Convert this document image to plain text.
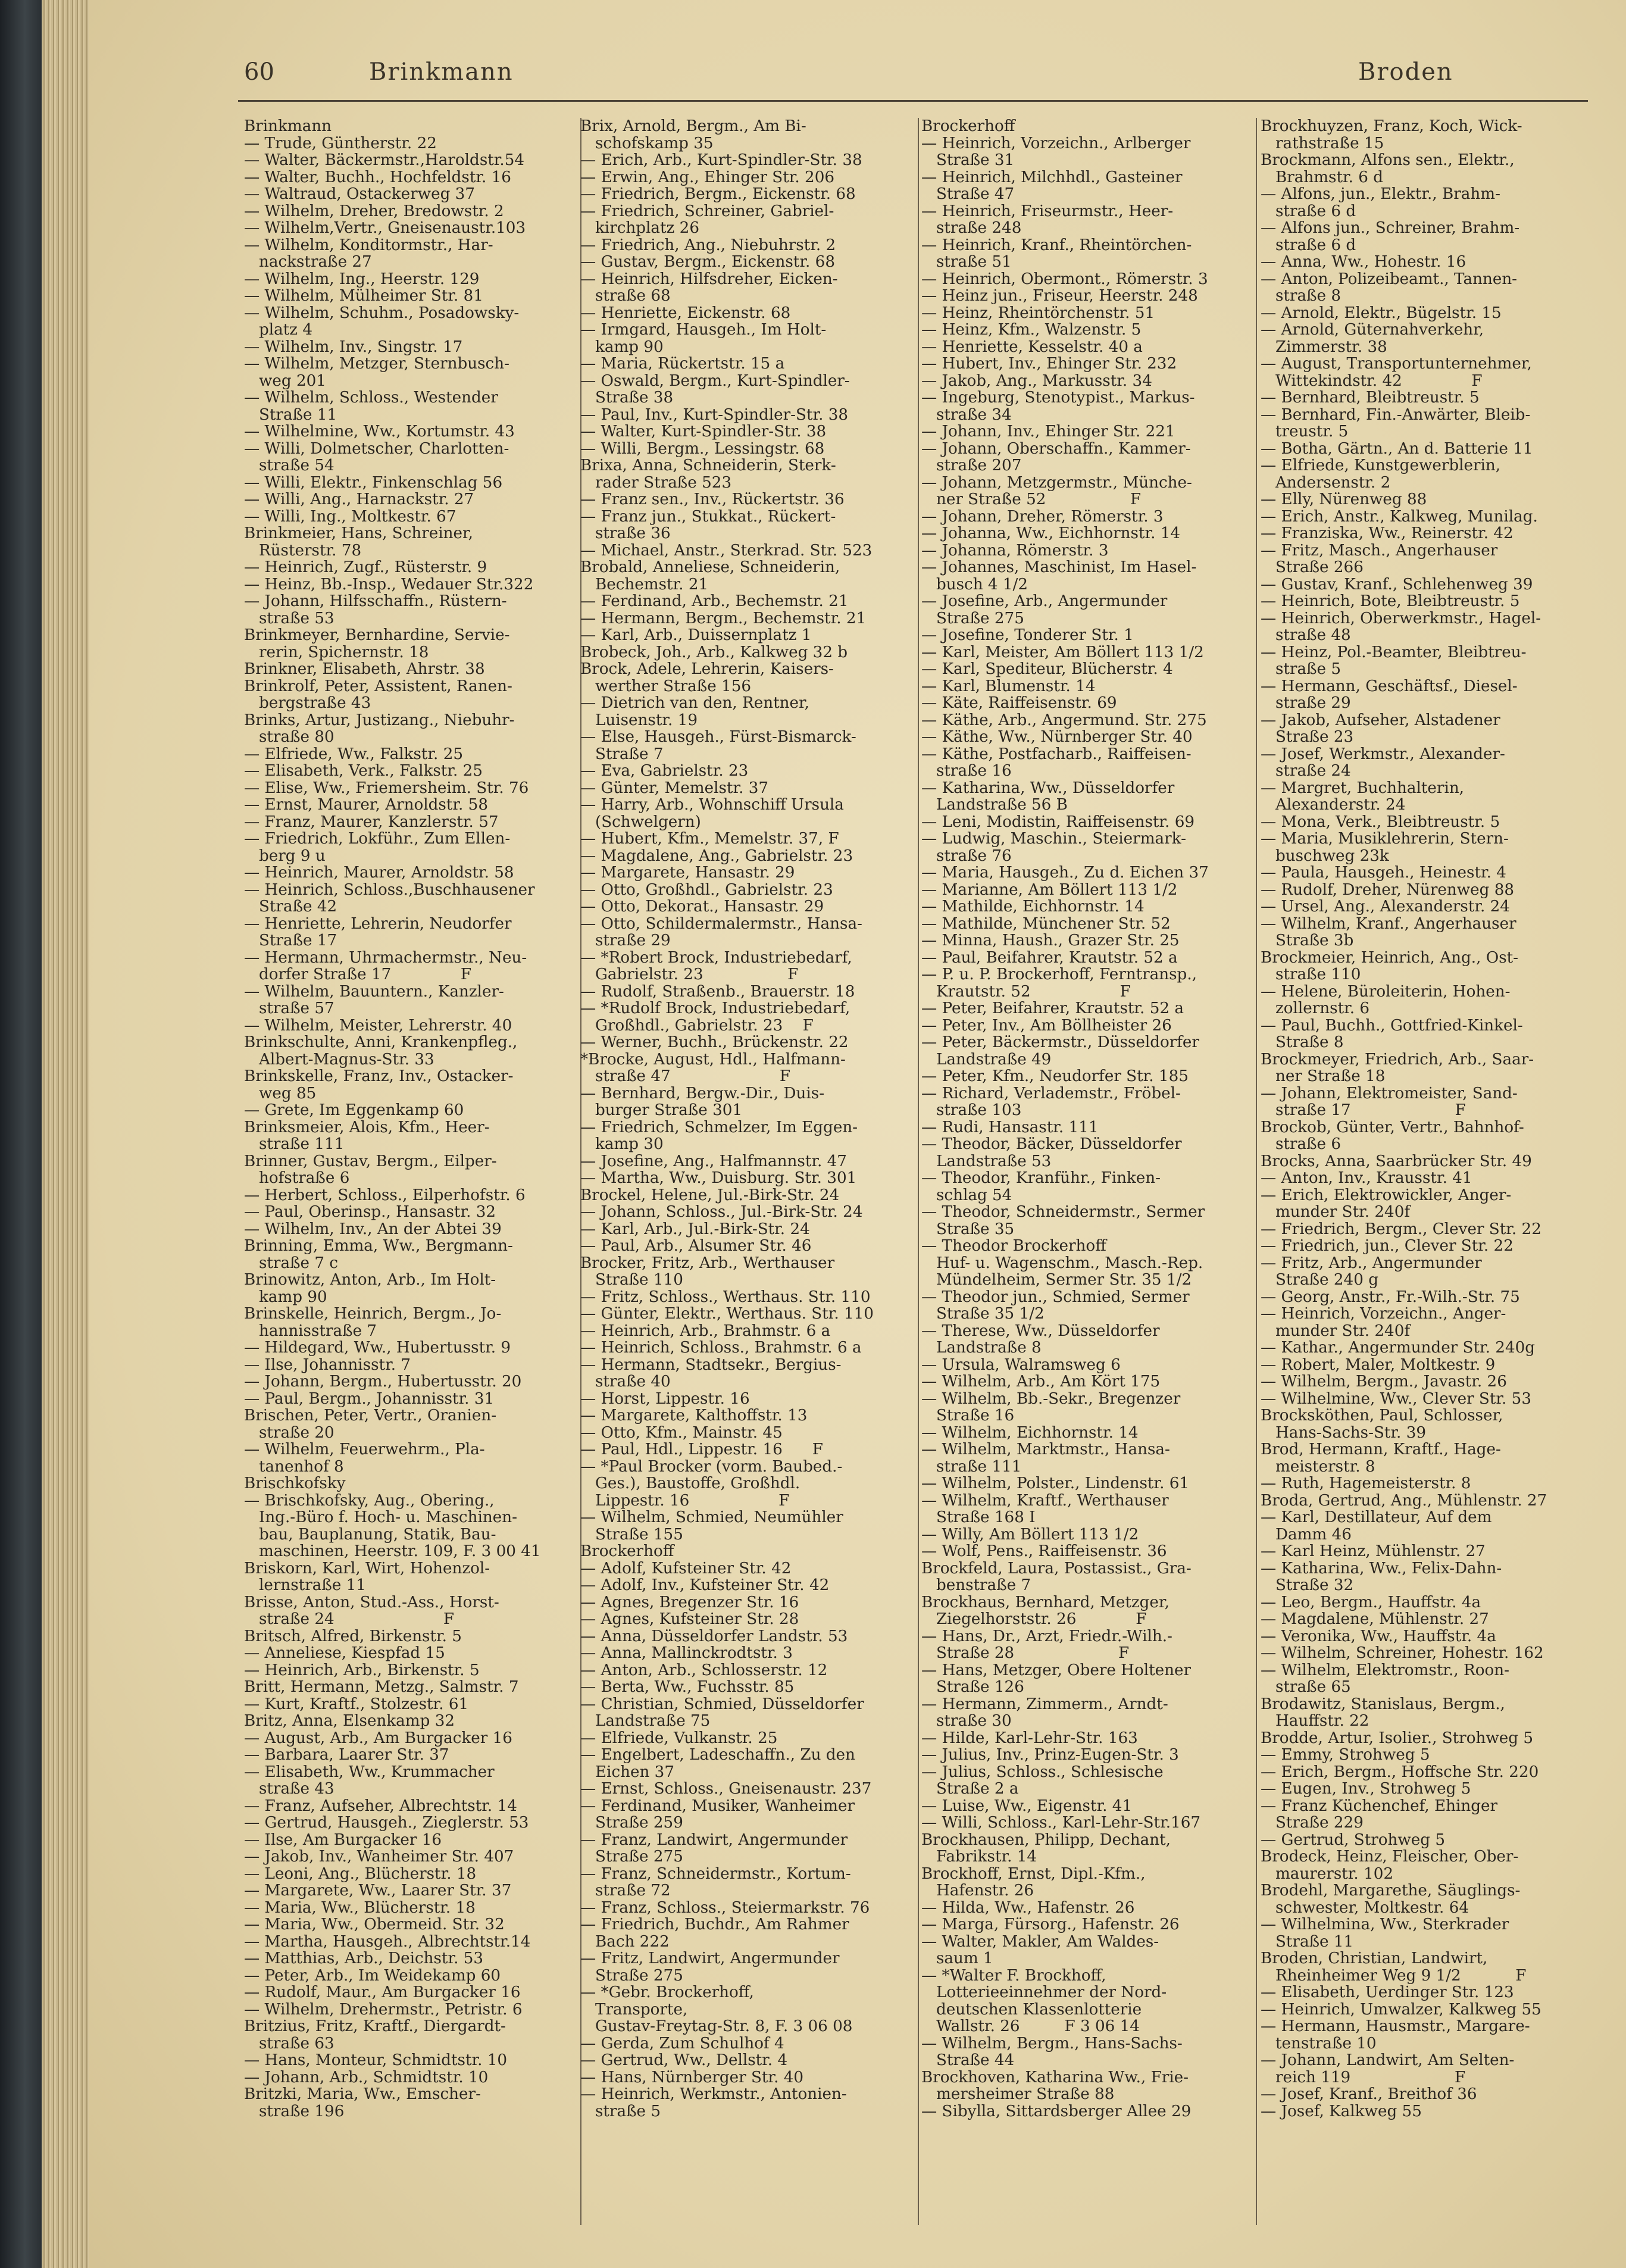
60	Brinkmann	Broden
Brinkmann
— Trude, Güntherstr. 22
— Walter, Bäckermstr.,Haroldstr.54
— Walter, Buchh., Hochfeldstr. 16
— Waltraud, Ostackerweg 37
— Wilhelm, Dreher, Bredowstr. 2
— Wilhelm,Vertr., Gneisenaustr.103
— Wilhelm, Konditormstr., Har-
nackstraße 27
— Wilhelm, Ing., Heerstr. 129
— Wilhelm, Mülheimer Str. 81
— Wilhelm, Schuhm., Posadowsky-
platz 4
— Wilhelm, Inv., Singstr. 17
— Wilhelm, Metzger, Sternbusch-
weg 201
— Wilhelm, Schloss., Westender
Straße 11
— Wilhelmine, Ww., Kortumstr. 43
— Willi, Dolmetscher, Charlotten-
straße 54
— Willi, Elektr., Finkenschlag 56
— Willi, Ang., Harnackstr. 27
— Willi, Ing., Moltkestr. 67
Brinkmeier, Hans, Schreiner,
Rüsterstr. 78
— Heinrich, Zugf., Rüsterstr. 9
— Heinz, Bb.-Insp., Wedauer Str.322
— Johann, Hilfsschaffn., Rüstern-
straße 53
Brinkmeyer, Bernhardine, Servie-
rerin, Spichernstr. 18
Brinkner, Elisabeth, Ahrstr. 38
Brinkrolf, Peter, Assistent, Ranen-
bergstraße 43
Brinks, Artur, Justizang., Niebuhr-
straße 80
— Elfriede, Ww., Falkstr. 25
— Elisabeth, Verk., Falkstr. 25
— Elise, Ww., Friemersheim. Str. 76
— Ernst, Maurer, Arnoldstr. 58
— Franz, Maurer, Kanzlerstr. 57
— Friedrich, Lokführ., Zum Ellen-
berg 9 u
— Heinrich, Maurer, Arnoldstr. 58
— Heinrich, Schloss.,Buschhausener
Straße 42
— Henriette, Lehrerin, Neudorfer
Straße 17
— Hermann, Uhrmachermstr., Neu-
dorfer Straße 17              F
— Wilhelm, Bauuntern., Kanzler-
straße 57
— Wilhelm, Meister, Lehrerstr. 40
Brinkschulte, Anni, Krankenpfleg.,
Albert-Magnus-Str. 33
Brinkskelle, Franz, Inv., Ostacker-
weg 85
— Grete, Im Eggenkamp 60
Brinksmeier, Alois, Kfm., Heer-
straße 111
Brinner, Gustav, Bergm., Eilper-
hofstraße 6
— Herbert, Schloss., Eilperhofstr. 6
— Paul, Oberinsp., Hansastr. 32
— Wilhelm, Inv., An der Abtei 39
Brinning, Emma, Ww., Bergmann-
straße 7 c
Brinowitz, Anton, Arb., Im Holt-
kamp 90
Brinskelle, Heinrich, Bergm., Jo-
hannisstraße 7
— Hildegard, Ww., Hubertusstr. 9
— Ilse, Johannisstr. 7
— Johann, Bergm., Hubertusstr. 20
— Paul, Bergm., Johannisstr. 31
Brischen, Peter, Vertr., Oranien-
straße 20
— Wilhelm, Feuerwehrm., Pla-
tanenhof 8
Brischkofsky
— Brischkofsky, Aug., Obering.,
Ing.-Büro f. Hoch- u. Maschinen-
bau, Bauplanung, Statik, Bau-
maschinen, Heerstr. 109, F. 3 00 41
Briskorn, Karl, Wirt, Hohenzol-
lernstraße 11
Brisse, Anton, Stud.-Ass., Horst-
straße 24                      F
Britsch, Alfred, Birkenstr. 5
— Anneliese, Kiespfad 15
— Heinrich, Arb., Birkenstr. 5
Britt, Hermann, Metzg., Salmstr. 7
— Kurt, Kraftf., Stolzestr. 61
Britz, Anna, Elsenkamp 32
— August, Arb., Am Burgacker 16
— Barbara, Laarer Str. 37
— Elisabeth, Ww., Krummacher
straße 43
— Franz, Aufseher, Albrechtstr. 14
— Gertrud, Hausgeh., Zieglerstr. 53
— Ilse, Am Burgacker 16
— Jakob, Inv., Wanheimer Str. 407
— Leoni, Ang., Blücherstr. 18
— Margarete, Ww., Laarer Str. 37
— Maria, Ww., Blücherstr. 18
— Maria, Ww., Obermeid. Str. 32
— Martha, Hausgeh., Albrechtstr.14
— Matthias, Arb., Deichstr. 53
— Peter, Arb., Im Weidekamp 60
— Rudolf, Maur., Am Burgacker 16
— Wilhelm, Drehermstr., Petristr. 6
Britzius, Fritz, Kraftf., Diergardt-
straße 63
— Hans, Monteur, Schmidtstr. 10
— Johann, Arb., Schmidtstr. 10
Britzki, Maria, Ww., Emscher-
straße 196
Brix, Arnold, Bergm., Am Bi-
schofskamp 35
— Erich, Arb., Kurt-Spindler-Str. 38
— Erwin, Ang., Ehinger Str. 206
— Friedrich, Bergm., Eickenstr. 68
— Friedrich, Schreiner, Gabriel-
kirchplatz 26
— Friedrich, Ang., Niebuhrstr. 2
— Gustav, Bergm., Eickenstr. 68
— Heinrich, Hilfsdreher, Eicken-
straße 68
— Henriette, Eickenstr. 68
— Irmgard, Hausgeh., Im Holt-
kamp 90
— Maria, Rückertstr. 15 a
— Oswald, Bergm., Kurt-Spindler-
Straße 38
— Paul, Inv., Kurt-Spindler-Str. 38
— Walter, Kurt-Spindler-Str. 38
— Willi, Bergm., Lessingstr. 68
Brixa, Anna, Schneiderin, Sterk-
rader Straße 523
— Franz sen., Inv., Rückertstr. 36
— Franz jun., Stukkat., Rückert-
straße 36
— Michael, Anstr., Sterkrad. Str. 523
Brobald, Anneliese, Schneiderin,
Bechemstr. 21
— Ferdinand, Arb., Bechemstr. 21
— Hermann, Bergm., Bechemstr. 21
— Karl, Arb., Duissernplatz 1
Brobeck, Joh., Arb., Kalkweg 32 b
Brock, Adele, Lehrerin, Kaisers-
werther Straße 156
— Dietrich van den, Rentner,
Luisenstr. 19
— Else, Hausgeh., Fürst-Bismarck-
Straße 7
— Eva, Gabrielstr. 23
— Günter, Memelstr. 37
— Harry, Arb., Wohnschiff Ursula
(Schwelgern)
— Hubert, Kfm., Memelstr. 37, F
— Magdalene, Ang., Gabrielstr. 23
— Margarete, Hansastr. 29
— Otto, Großhdl., Gabrielstr. 23
— Otto, Dekorat., Hansastr. 29
— Otto, Schildermalermstr., Hansa-
straße 29
— *Robert Brock, Industriebedarf,
Gabrielstr. 23                 F
— Rudolf, Straßenb., Brauerstr. 18
— *Rudolf Brock, Industriebedarf,
Großhdl., Gabrielstr. 23    F
— Werner, Buchh., Brückenstr. 22
*Brocke, August, Hdl., Halfmann-
straße 47                      F
— Bernhard, Bergw.-Dir., Duis-
burger Straße 301
— Friedrich, Schmelzer, Im Eggen-
kamp 30
— Josefine, Ang., Halfmannstr. 47
— Martha, Ww., Duisburg. Str. 301
Brockel, Helene, Jul.-Birk-Str. 24
— Johann, Schloss., Jul.-Birk-Str. 24
— Karl, Arb., Jul.-Birk-Str. 24
— Paul, Arb., Alsumer Str. 46
Brocker, Fritz, Arb., Werthauser
Straße 110
— Fritz, Schloss., Werthaus. Str. 110
— Günter, Elektr., Werthaus. Str. 110
— Heinrich, Arb., Brahmstr. 6 a
— Heinrich, Schloss., Brahmstr. 6 a
— Hermann, Stadtsekr., Bergius-
straße 40
— Horst, Lippestr. 16
— Margarete, Kalthoffstr. 13
— Otto, Kfm., Mainstr. 45
— Paul, Hdl., Lippestr. 16      F
— *Paul Brocker (vorm. Baubed.-
Ges.), Baustoffe, Großhdl.
Lippestr. 16                  F
— Wilhelm, Schmied, Neumühler
Straße 155
Brockerhoff
— Adolf, Kufsteiner Str. 42
— Adolf, Inv., Kufsteiner Str. 42
— Agnes, Bregenzer Str. 16
— Agnes, Kufsteiner Str. 28
— Anna, Düsseldorfer Landstr. 53
— Anna, Mallinckrodtstr. 3
— Anton, Arb., Schlosserstr. 12
— Berta, Ww., Fuchsstr. 85
— Christian, Schmied, Düsseldorfer
Landstraße 75
— Elfriede, Vulkanstr. 25
— Engelbert, Ladeschaffn., Zu den
Eichen 37
— Ernst, Schloss., Gneisenaustr. 237
— Ferdinand, Musiker, Wanheimer
Straße 259
— Franz, Landwirt, Angermunder
Straße 275
— Franz, Schneidermstr., Kortum-
straße 72
— Franz, Schloss., Steiermarkstr. 76
— Friedrich, Buchdr., Am Rahmer
Bach 222
— Fritz, Landwirt, Angermunder
Straße 275
— *Gebr. Brockerhoff,
Transporte,
Gustav-Freytag-Str. 8, F. 3 06 08
— Gerda, Zum Schulhof 4
— Gertrud, Ww., Dellstr. 4
— Hans, Nürnberger Str. 40
— Heinrich, Werkmstr., Antonien-
straße 5
Brockerhoff
— Heinrich, Vorzeichn., Arlberger
Straße 31
— Heinrich, Milchhdl., Gasteiner
Straße 47
— Heinrich, Friseurmstr., Heer-
straße 248
— Heinrich, Kranf., Rheintörchen-
straße 51
— Heinrich, Obermont., Römerstr. 3
— Heinz jun., Friseur, Heerstr. 248
— Heinz, Rheintörchenstr. 51
— Heinz, Kfm., Walzenstr. 5
— Henriette, Kesselstr. 40 a
— Hubert, Inv., Ehinger Str. 232
— Jakob, Ang., Markusstr. 34
— Ingeburg, Stenotypist., Markus-
straße 34
— Johann, Inv., Ehinger Str. 221
— Johann, Oberschaffn., Kammer-
straße 207
— Johann, Metzgermstr., Münche-
ner Straße 52                 F
— Johann, Dreher, Römerstr. 3
— Johanna, Ww., Eichhornstr. 14
— Johanna, Römerstr. 3
— Johannes, Maschinist, Im Hasel-
busch 4 1/2
— Josefine, Arb., Angermunder
Straße 275
— Josefine, Tonderer Str. 1
— Karl, Meister, Am Böllert 113 1/2
— Karl, Spediteur, Blücherstr. 4
— Karl, Blumenstr. 14
— Käte, Raiffeisenstr. 69
— Käthe, Arb., Angermund. Str. 275
— Käthe, Ww., Nürnberger Str. 40
— Käthe, Postfacharb., Raiffeisen-
straße 16
— Katharina, Ww., Düsseldorfer
Landstraße 56 B
— Leni, Modistin, Raiffeisenstr. 69
— Ludwig, Maschin., Steiermark-
straße 76
— Maria, Hausgeh., Zu d. Eichen 37
— Marianne, Am Böllert 113 1/2
— Mathilde, Eichhornstr. 14
— Mathilde, Münchener Str. 52
— Minna, Haush., Grazer Str. 25
— Paul, Beifahrer, Krautstr. 52 a
— P. u. P. Brockerhoff, Ferntransp.,
Krautstr. 52                  F
— Peter, Beifahrer, Krautstr. 52 a
— Peter, Inv., Am Böllheister 26
— Peter, Bäckermstr., Düsseldorfer
Landstraße 49
— Peter, Kfm., Neudorfer Str. 185
— Richard, Verlademstr., Fröbel-
straße 103
— Rudi, Hansastr. 111
— Theodor, Bäcker, Düsseldorfer
Landstraße 53
— Theodor, Kranführ., Finken-
schlag 54
— Theodor, Schneidermstr., Sermer
Straße 35
— Theodor Brockerhoff
Huf- u. Wagenschm., Masch.-Rep.
Mündelheim, Sermer Str. 35 1/2
— Theodor jun., Schmied, Sermer
Straße 35 1/2
— Therese, Ww., Düsseldorfer
Landstraße 8
— Ursula, Walramsweg 6
— Wilhelm, Arb., Am Kört 175
— Wilhelm, Bb.-Sekr., Bregenzer
Straße 16
— Wilhelm, Eichhornstr. 14
— Wilhelm, Marktmstr., Hansa-
straße 111
— Wilhelm, Polster., Lindenstr. 61
— Wilhelm, Kraftf., Werthauser
Straße 168 I
— Willy, Am Böllert 113 1/2
— Wolf, Pens., Raiffeisenstr. 36
Brockfeld, Laura, Postassist., Gra-
benstraße 7
Brockhaus, Bernhard, Metzger,
Ziegelhorststr. 26            F
— Hans, Dr., Arzt, Friedr.-Wilh.-
Straße 28                     F
— Hans, Metzger, Obere Holtener
Straße 126
— Hermann, Zimmerm., Arndt-
straße 30
— Hilde, Karl-Lehr-Str. 163
— Julius, Inv., Prinz-Eugen-Str. 3
— Julius, Schloss., Schlesische
Straße 2 a
— Luise, Ww., Eigenstr. 41
— Willi, Schloss., Karl-Lehr-Str.167
Brockhausen, Philipp, Dechant,
Fabrikstr. 14
Brockhoff, Ernst, Dipl.-Kfm.,
Hafenstr. 26
— Hilda, Ww., Hafenstr. 26
— Marga, Fürsorg., Hafenstr. 26
— Walter, Makler, Am Waldes-
saum 1
— *Walter F. Brockhoff,
Lotterieeinnehmer der Nord-
deutschen Klassenlotterie
Wallstr. 26         F 3 06 14
— Wilhelm, Bergm., Hans-Sachs-
Straße 44
Brockhoven, Katharina Ww., Frie-
mersheimer Straße 88
— Sibylla, Sittardsberger Allee 29
Brockhuyzen, Franz, Koch, Wick-
rathstraße 15
Brockmann, Alfons sen., Elektr.,
Brahmstr. 6 d
— Alfons, jun., Elektr., Brahm-
straße 6 d
— Alfons jun., Schreiner, Brahm-
straße 6 d
— Anna, Ww., Hohestr. 16
— Anton, Polizeibeamt., Tannen-
straße 8
— Arnold, Elektr., Bügelstr. 15
— Arnold, Güternahverkehr,
Zimmerstr. 38
— August, Transportunternehmer,
Wittekindstr. 42              F
— Bernhard, Bleibtreustr. 5
— Bernhard, Fin.-Anwärter, Bleib-
treustr. 5
— Botha, Gärtn., An d. Batterie 11
— Elfriede, Kunstgewerblerin,
Andersenstr. 2
— Elly, Nürenweg 88
— Erich, Anstr., Kalkweg, Munilag.
— Franziska, Ww., Reinerstr. 42
— Fritz, Masch., Angerhauser
Straße 266
— Gustav, Kranf., Schlehenweg 39
— Heinrich, Bote, Bleibtreustr. 5
— Heinrich, Oberwerkmstr., Hagel-
straße 48
— Heinz, Pol.-Beamter, Bleibtreu-
straße 5
— Hermann, Geschäftsf., Diesel-
straße 29
— Jakob, Aufseher, Alstadener
Straße 23
— Josef, Werkmstr., Alexander-
straße 24
— Margret, Buchhalterin,
Alexanderstr. 24
— Mona, Verk., Bleibtreustr. 5
— Maria, Musiklehrerin, Stern-
buschweg 23k
— Paula, Hausgeh., Heinestr. 4
— Rudolf, Dreher, Nürenweg 88
— Ursel, Ang., Alexanderstr. 24
— Wilhelm, Kranf., Angerhauser
Straße 3b
Brockmeier, Heinrich, Ang., Ost-
straße 110
— Helene, Büroleiterin, Hohen-
zollernstr. 6
— Paul, Buchh., Gottfried-Kinkel-
Straße 8
Brockmeyer, Friedrich, Arb., Saar-
ner Straße 18
— Johann, Elektromeister, Sand-
straße 17                     F
Brockob, Günter, Vertr., Bahnhof-
straße 6
Brocks, Anna, Saarbrücker Str. 49
— Anton, Inv., Krausstr. 41
— Erich, Elektrowickler, Anger-
munder Str. 240f
— Friedrich, Bergm., Clever Str. 22
— Friedrich, jun., Clever Str. 22
— Fritz, Arb., Angermunder
Straße 240 g
— Georg, Anstr., Fr.-Wilh.-Str. 75
— Heinrich, Vorzeichn., Anger-
munder Str. 240f
— Kathar., Angermunder Str. 240g
— Robert, Maler, Moltkestr. 9
— Wilhelm, Bergm., Javastr. 26
— Wilhelmine, Ww., Clever Str. 53
Brocksköthen, Paul, Schlosser,
Hans-Sachs-Str. 39
Brod, Hermann, Kraftf., Hage-
meisterstr. 8
— Ruth, Hagemeisterstr. 8
Broda, Gertrud, Ang., Mühlenstr. 27
— Karl, Destillateur, Auf dem
Damm 46
— Karl Heinz, Mühlenstr. 27
— Katharina, Ww., Felix-Dahn-
Straße 32
— Leo, Bergm., Hauffstr. 4a
— Magdalene, Mühlenstr. 27
— Veronika, Ww., Hauffstr. 4a
— Wilhelm, Schreiner, Hohestr. 162
— Wilhelm, Elektromstr., Roon-
straße 65
Brodawitz, Stanislaus, Bergm.,
Hauffstr. 22
Brodde, Artur, Isolier., Strohweg 5
— Emmy, Strohweg 5
— Erich, Bergm., Hoffsche Str. 220
— Eugen, Inv., Strohweg 5
— Franz Küchenchef, Ehinger
Straße 229
— Gertrud, Strohweg 5
Brodeck, Heinz, Fleischer, Ober-
maurerstr. 102
Brodehl, Margarethe, Säuglings-
schwester, Moltkestr. 64
— Wilhelmina, Ww., Sterkrader
Straße 11
Broden, Christian, Landwirt,
Rheinheimer Weg 9 1/2           F
— Elisabeth, Uerdinger Str. 123
— Heinrich, Umwalzer, Kalkweg 55
— Hermann, Hausmstr., Margare-
tenstraße 10
— Johann, Landwirt, Am Selten-
reich 119                     F
— Josef, Kranf., Breithof 36
— Josef, Kalkweg 55
